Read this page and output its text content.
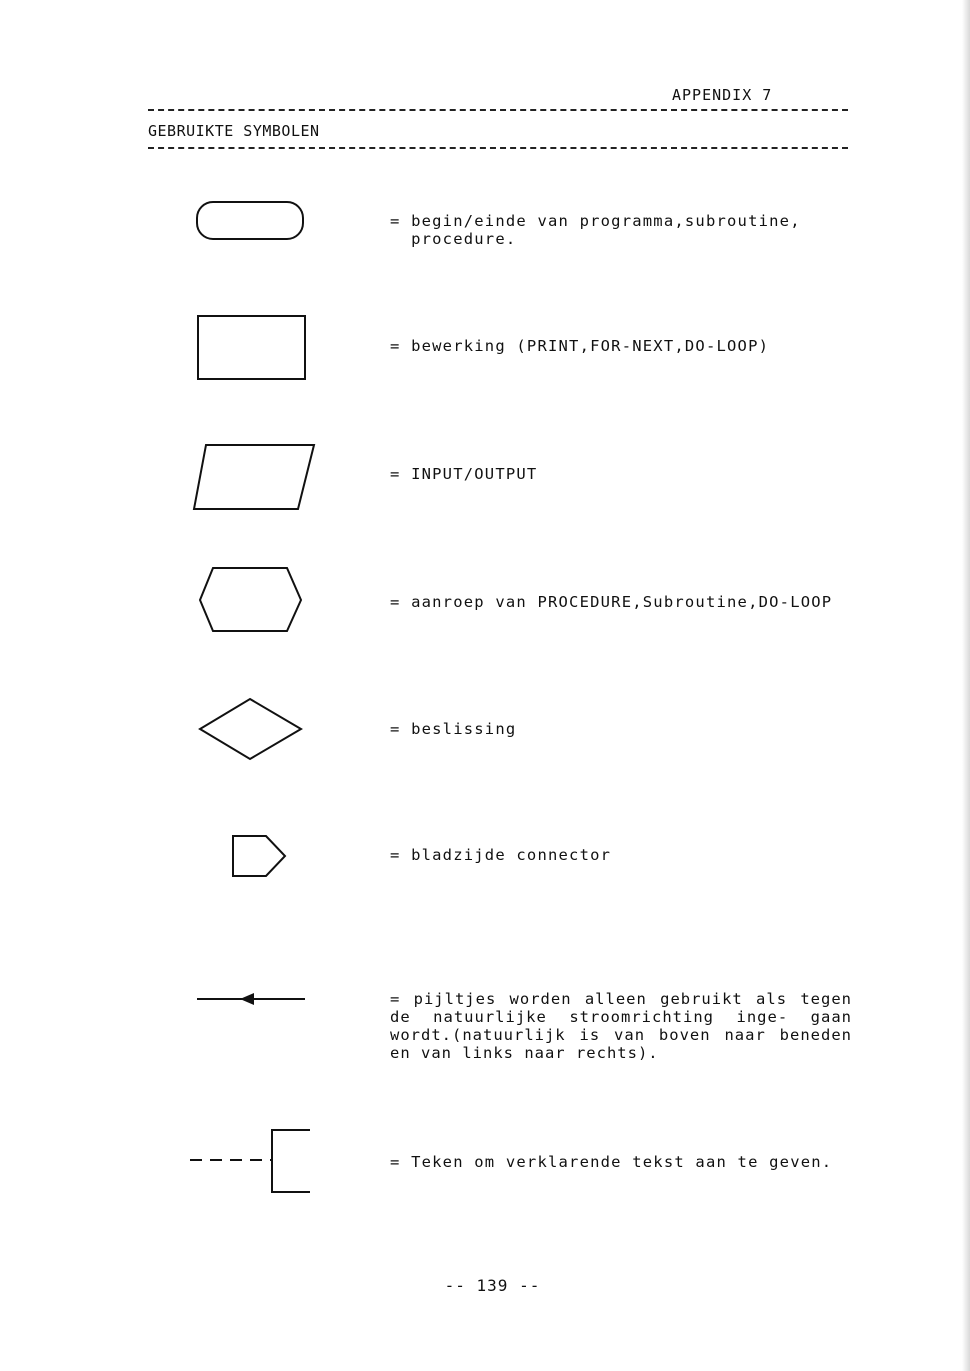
APPENDIX 7
GEBRUIKTE SYMBOLEN
= begin/einde van programma,subroutine,
procedure.
= bewerking (PRINT,FOR-NEXT,DO-LOOP)
= INPUT/OUTPUT
= aanroep van PROCEDURE,Subroutine,DO-LOOP
= beslissing
= bladzijde connector
= pijltjes worden alleen gebruikt als tegen de natuurlijke stroomrichting inge- gaan wordt.(natuurlijk is van boven naar beneden en van links naar rechts).
= Teken om verklarende tekst aan te geven.
-- 139 --
